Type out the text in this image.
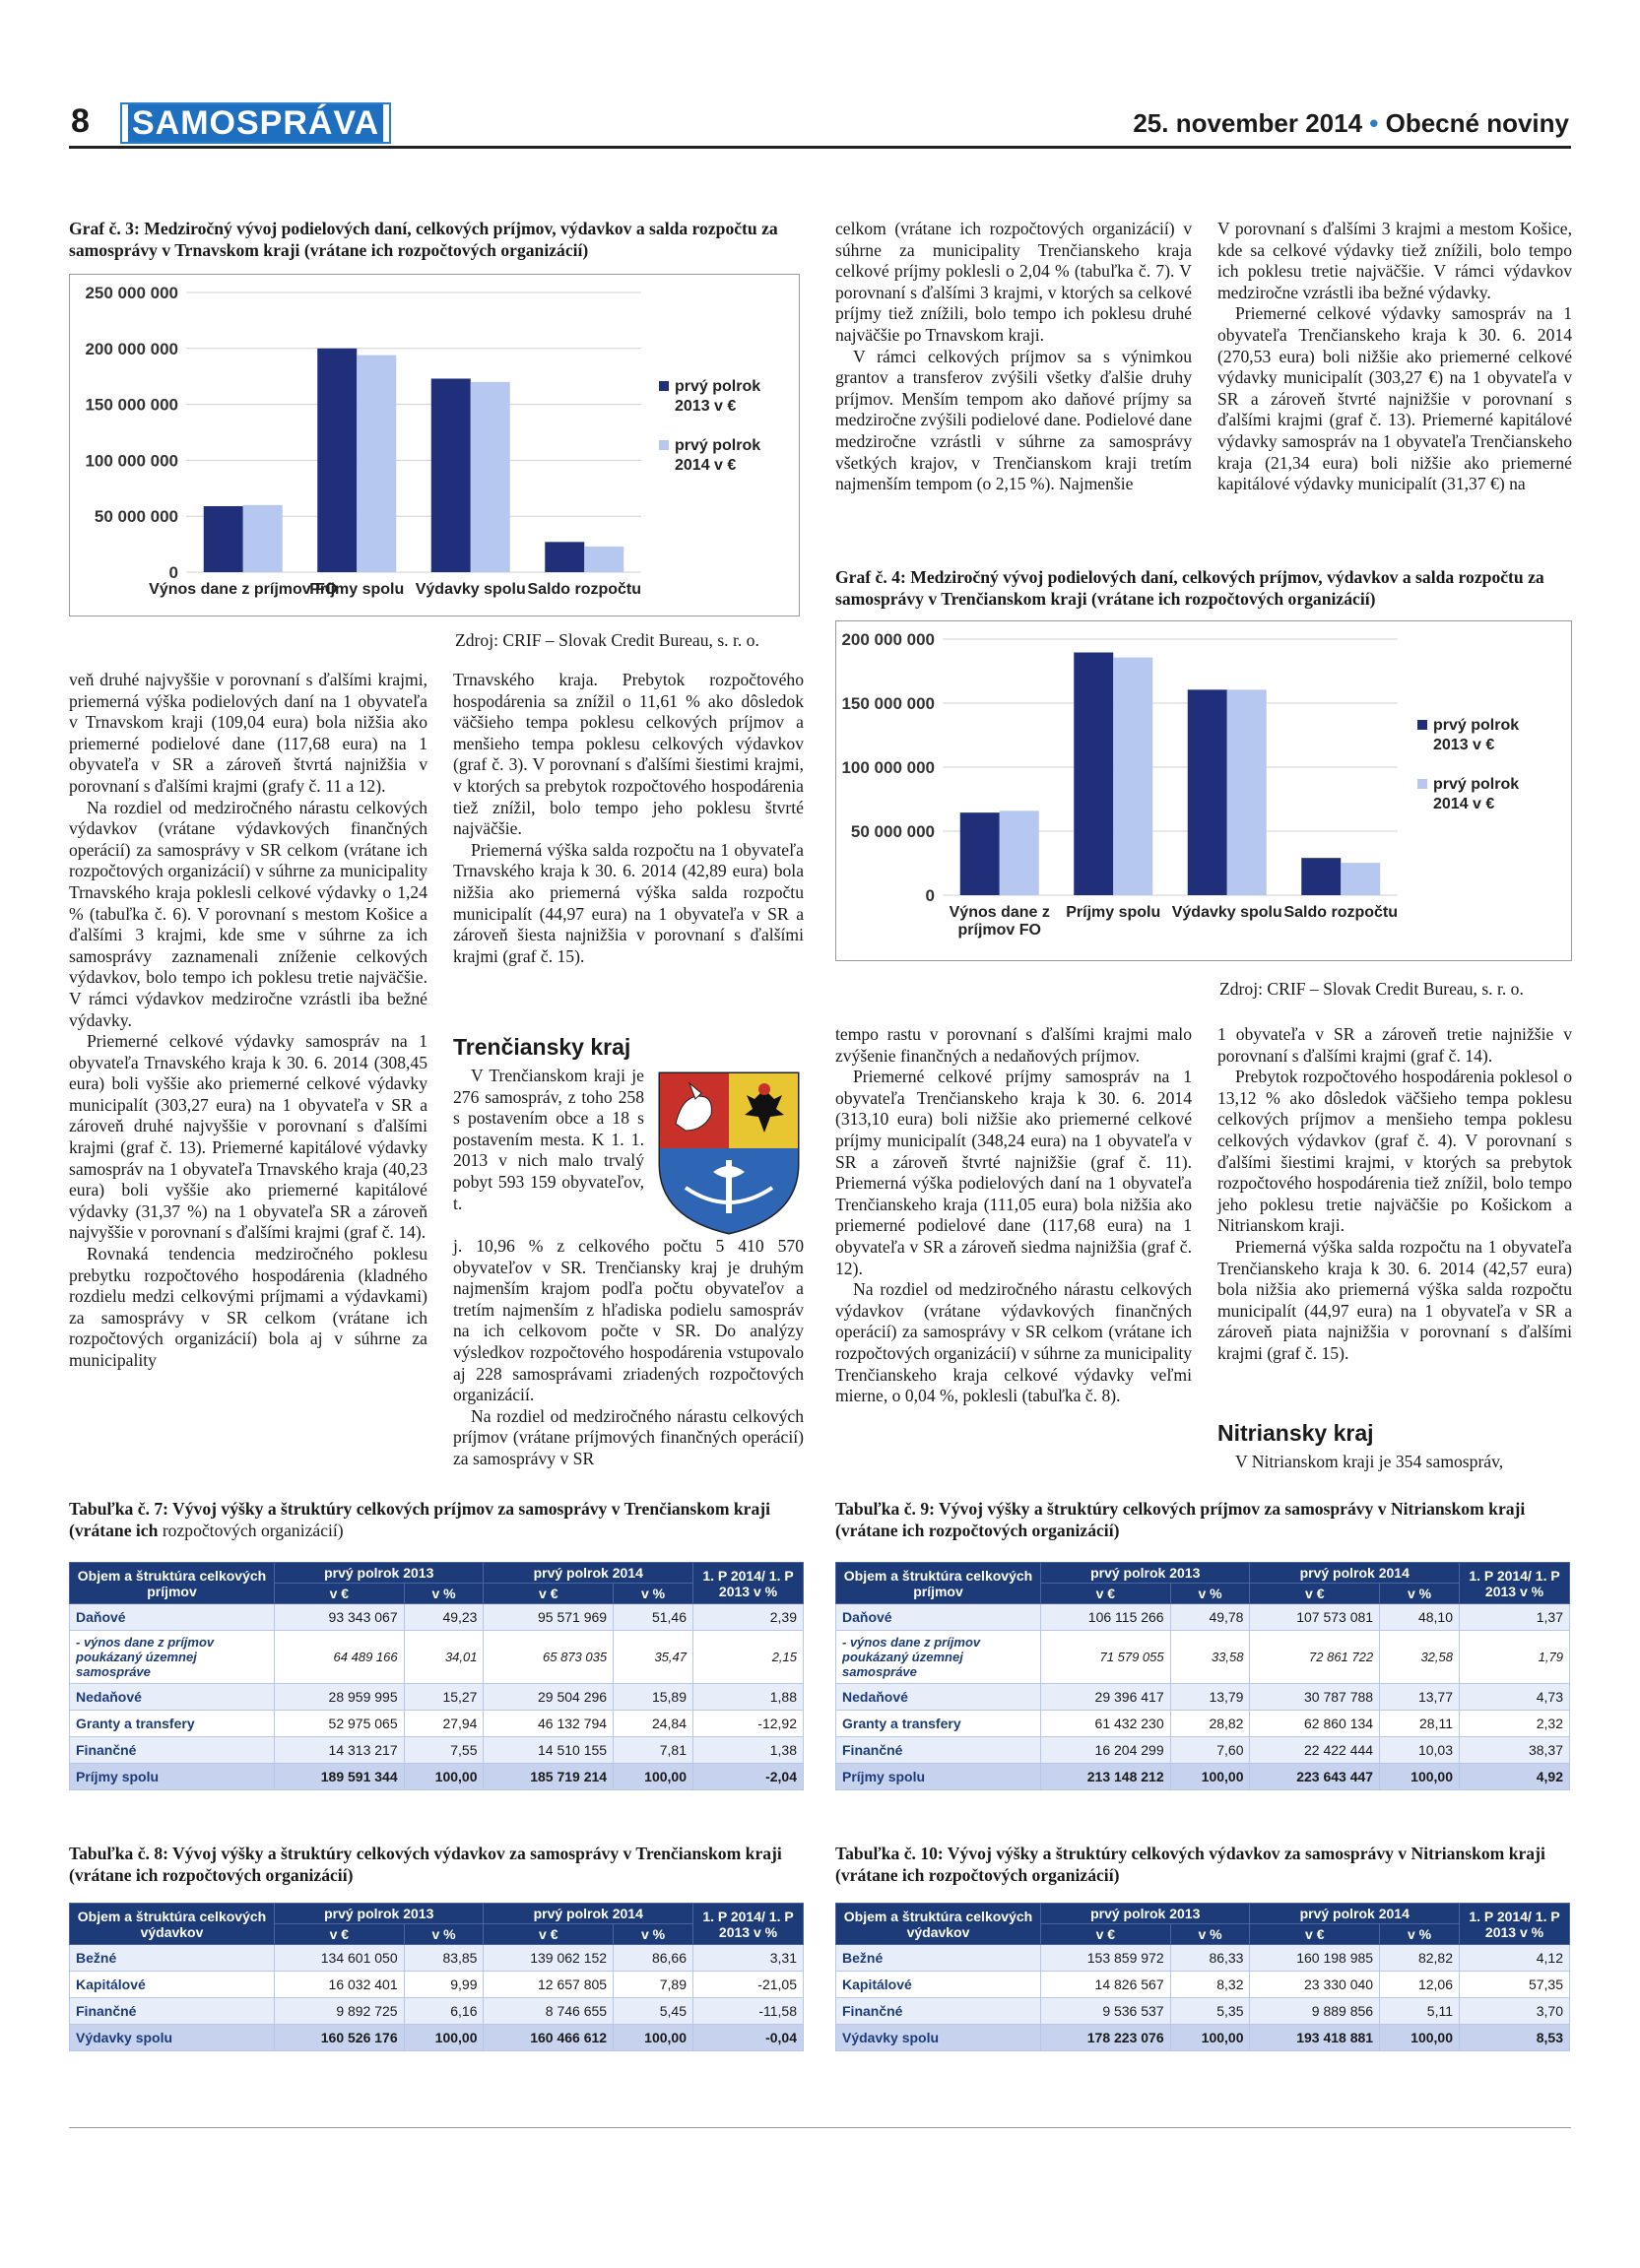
8	SAMOSPRÁVA	25. november 2014 • Obecné noviny
Graf č. 3: Medziročný vývoj podielových daní, celkových príjmov, výdavkov a salda rozpočtu za samosprávy v Trnavskom kraji (vrátane ich rozpočtových organizácií)
250 000 000
200 000 000
150 000 000
100 000 000
50 000 000
0
Výnos dane z príjmov FO
Príjmy spolu Výdavky spolu Saldo rozpočtu
prvý polrok
2013 v €
prvý polrok
2014 v €
Zdroj: CRIF – Slovak Credit Bureau, s. r. o.

veň druhé najvyššie v porovnaní s ďalšími krajmi, priemerná výška podielových daní na 1 obyvateľa v Trnavskom kraji (109,04 eura) bola nižšia ako priemerné podielové dane (117,68 eura) na 1 obyvateľa v SR a zároveň štvrtá najnižšia v porovnaní s ďalšími krajmi (grafy č. 11 a 12).

Na rozdiel od medziročného nárastu celkových výdavkov (vrátane výdavkových finančných operácií) za samosprávy v SR celkom (vrátane ich rozpočtových organizácií) v súhrne za municipality Trnavského kraja poklesli celkové výdavky o 1,24 % (tabuľka č. 6). V porovnaní s mestom Košice a ďalšími 3 krajmi, kde sme v súhrne za ich samosprávy zaznamenali zníženie celkových výdavkov, bolo tempo ich poklesu tretie najväčšie. V rámci výdavkov medziročne vzrástli iba bežné výdavky.

Priemerné celkové výdavky samospráv na 1 obyvateľa Trnavského kraja k 30. 6. 2014 (308,45 eura) boli vyššie ako priemerné celkové výdavky municipalít (303,27 eura) na 1 obyvateľa v SR a zároveň druhé najvyššie v porovnaní s ďalšími krajmi (graf č. 13). Priemerné kapitálové výdavky samospráv na 1 obyvateľa Trnavského kraja (40,23 eura) boli vyššie ako priemerné kapitálové výdavky (31,37 %) na 1 obyvateľa SR a zároveň najvyššie v porovnaní s ďalšími krajmi (graf č. 14).

Rovnaká tendencia medziročného poklesu prebytku rozpočtového hospodárenia (kladného rozdielu medzi celkovými príjmami a výdavkami) za samosprávy v SR celkom (vrátane ich rozpočtových organizácií) bola aj v súhrne za municipality

Trnavského kraja. Prebytok rozpočtového hospodárenia sa znížil o 11,61 % ako dôsledok väčšieho tempa poklesu celkových príjmov a menšieho tempa poklesu celkových výdavkov (graf č. 3). V porovnaní s ďalšími šiestimi krajmi, v ktorých sa prebytok rozpočtového hospodárenia tiež znížil, bolo tempo jeho poklesu štvrté najväčšie.

Priemerná výška salda rozpočtu na 1 obyvateľa Trnavského kraja k 30. 6. 2014 (42,89 eura) bola nižšia ako priemerná výška salda rozpočtu municipalít (44,97 eura) na 1 obyvateľa v SR a zároveň šiesta najnižšia v porovnaní s ďalšími krajmi (graf č. 15).

Trenčiansky kraj

V Trenčianskom kraji je 276 samospráv, z toho 258 s postavením obce a 18 s postavením mesta. K 1. 1. 2013 v nich malo trvalý pobyt 593 159 obyvateľov, t.

j. 10,96 % z celkového počtu 5 410 570 obyvateľov v SR. Trenčiansky kraj je druhým najmenším krajom podľa počtu obyvateľov a tretím najmenším z hľadiska podielu samospráv na ich celkovom počte v SR. Do analýzy výsledkov rozpočtového hospodárenia vstupovalo aj 228 samosprávami zriadených rozpočtových organizácií.

Na rozdiel od medziročného nárastu celkových príjmov (vrátane príjmových finančných operácií) za samosprávy v SR

celkom (vrátane ich rozpočtových organizácií) v súhrne za municipality Trenčianskeho kraja celkové príjmy poklesli o 2,04 % (tabuľka č. 7). V porovnaní s ďalšími 3 krajmi, v ktorých sa celkové príjmy tiež znížili, bolo tempo ich poklesu druhé najväčšie po Trnavskom kraji.

V rámci celkových príjmov sa s výnimkou grantov a transferov zvýšili všetky ďalšie druhy príjmov. Menším tempom ako daňové príjmy sa medziročne zvýšili podielové dane. Podielové dane medziročne vzrástli v súhrne za samosprávy všetkých krajov, v Trenčianskom kraji tretím najmenším tempom (o 2,15 %). Najmenšie

V porovnaní s ďalšími 3 krajmi a mestom Košice, kde sa celkové výdavky tiež znížili, bolo tempo ich poklesu tretie najväčšie. V rámci výdavkov medziročne vzrástli iba bežné výdavky.

Priemerné celkové výdavky samospráv na 1 obyvateľa Trenčianskeho kraja k 30. 6. 2014 (270,53 eura) boli nižšie ako priemerné celkové výdavky municipalít (303,27 €) na 1 obyvateľa v SR a zároveň štvrté najnižšie v porovnaní s ďalšími krajmi (graf č. 13). Priemerné kapitálové výdavky samospráv na 1 obyvateľa Trenčianskeho kraja (21,34 eura) boli nižšie ako priemerné kapitálové výdavky municipalít (31,37 €) na

Graf č. 4: Medziročný vývoj podielových daní, celkových príjmov, výdavkov a salda rozpočtu za samosprávy v Trenčianskom kraji (vrátane ich rozpočtových organizácií)
200 000 000
150 000 000
100 000 000
50 000 000
0
Výnos dane z
príjmov FO
Príjmy spolu Výdavky spolu Saldo rozpočtu
prvý polrok
2013 v €
prvý polrok
2014 v €
Zdroj: CRIF – Slovak Credit Bureau, s. r. o.

tempo rastu v porovnaní s ďalšími krajmi malo zvýšenie finančných a nedaňových príjmov.

Priemerné celkové príjmy samospráv na 1 obyvateľa Trenčianskeho kraja k 30. 6. 2014 (313,10 eura) boli nižšie ako priemerné celkové príjmy municipalít (348,24 eura) na 1 obyvateľa v SR a zároveň štvrté najnižšie (graf č. 11). Priemerná výška podielových daní na 1 obyvateľa Trenčianskeho kraja (111,05 eura) bola nižšia ako priemerné podielové dane (117,68 eura) na 1 obyvateľa v SR a zároveň siedma najnižšia (graf č. 12).

Na rozdiel od medziročného nárastu celkových výdavkov (vrátane výdavkových finančných operácií) za samosprávy v SR celkom (vrátane ich rozpočtových organizácií) v súhrne za municipality Trenčianskeho kraja celkové výdavky veľmi mierne, o 0,04 %, poklesli (tabuľka č. 8).

1 obyvateľa v SR a zároveň tretie najnižšie v porovnaní s ďalšími krajmi (graf č. 14).

Prebytok rozpočtového hospodárenia poklesol o 13,12 % ako dôsledok väčšieho tempa poklesu celkových príjmov a menšieho tempa poklesu celkových výdavkov (graf č. 4). V porovnaní s ďalšími šiestimi krajmi, v ktorých sa prebytok rozpočtového hospodárenia tiež znížil, bolo tempo jeho poklesu tretie najväčšie po Košickom a Nitrianskom kraji.

Priemerná výška salda rozpočtu na 1 obyvateľa Trenčianskeho kraja k 30. 6. 2014 (42,57 eura) bola nižšia ako priemerná výška salda rozpočtu municipalít (44,97 eura) na 1 obyvateľa v SR a zároveň piata najnižšia v porovnaní s ďalšími krajmi (graf č. 15).

Nitriansky kraj

V Nitrianskom kraji je 354 samospráv,

Tabuľka č. 7: Vývoj výšky a štruktúry celkových príjmov za samosprávy v Trenčianskom kraji (vrátane ich rozpočtových organizácií)
Objem a štruktúra celkových príjmov	prvý polrok 2013		prvý polrok 2014		1. P 2014/ 1. P 2013 v %
	v €	v %	v €	v %	
Daňové	93 343 067	49,23	95 571 969	51,46	2,39
- výnos dane z príjmov poukázaný územnej samospráve	64 489 166	34,01	65 873 035	35,47	2,15
Nedaňové	28 959 995	15,27	29 504 296	15,89	1,88
Granty a transfery	52 975 065	27,94	46 132 794	24,84	-12,92
Finančné	14 313 217	7,55	14 510 155	7,81	1,38
Príjmy spolu	189 591 344	100,00	185 719 214	100,00	-2,04
Tabuľka č. 9: Vývoj výšky a štruktúry celkových príjmov za samosprávy v Nitrianskom kraji (vrátane ich rozpočtových organizácií)
Objem a štruktúra celkových príjmov	prvý polrok 2013		prvý polrok 2014		1. P 2014/ 1. P 2013 v %
	v €	v %	v €	v %	
Daňové	106 115 266	49,78	107 573 081	48,10	1,37
- výnos dane z príjmov poukázaný územnej samospráve	71 579 055	33,58	72 861 722	32,58	1,79
Nedaňové	29 396 417	13,79	30 787 788	13,77	4,73
Granty a transfery	61 432 230	28,82	62 860 134	28,11	2,32
Finančné	16 204 299	7,60	22 422 444	10,03	38,37
Príjmy spolu	213 148 212	100,00	223 643 447	100,00	4,92
Tabuľka č. 8: Vývoj výšky a štruktúry celkových výdavkov za samosprávy v Trenčianskom kraji (vrátane ich rozpočtových organizácií)
Objem a štruktúra celkových výdavkov	prvý polrok 2013		prvý polrok 2014		1. P 2014/ 1. P 2013 v %
	v €	v %	v €	v %	
Bežné	134 601 050	83,85	139 062 152	86,66	3,31
Kapitálové	16 032 401	9,99	12 657 805	7,89	-21,05
Finančné	9 892 725	6,16	8 746 655	5,45	-11,58
Výdavky spolu	160 526 176	100,00	160 466 612	100,00	-0,04
Tabuľka č. 10: Vývoj výšky a štruktúry celkových výdavkov za samosprávy v Nitrianskom kraji (vrátane ich rozpočtových organizácií)
Objem a štruktúra celkových výdavkov	prvý polrok 2013		prvý polrok 2014		1. P 2014/ 1. P 2013 v %
	v €	v %	v €	v %	
Bežné	153 859 972	86,33	160 198 985	82,82	4,12
Kapitálové	14 826 567	8,32	23 330 040	12,06	57,35
Finančné	9 536 537	5,35	9 889 856	5,11	3,70
Výdavky spolu	178 223 076	100,00	193 418 881	100,00	8,53
